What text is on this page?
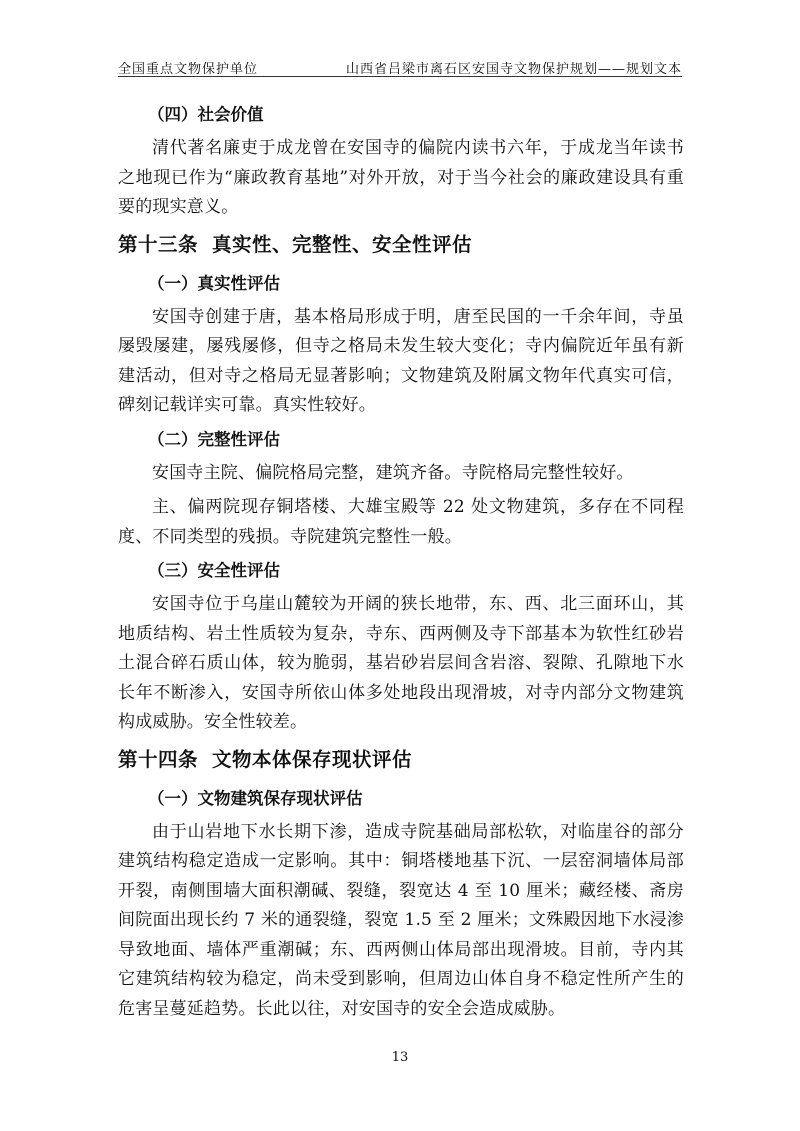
全国重点文物保护单位	山西省吕梁市离石区安国寺文物保护规划——规划文本

（四）社会价值

清代著名廉吏于成龙曾在安国寺的偏院内读书六年，于成龙当年读书之地现已作为“廉政教育基地”对外开放，对于当今社会的廉政建设具有重要的现实意义。

第十三条 真实性、完整性、安全性评估

（一）真实性评估

安国寺创建于唐，基本格局形成于明，唐至民国的一千余年间，寺虽屡毁屡建，屡残屡修，但寺之格局未发生较大变化；寺内偏院近年虽有新建活动，但对寺之格局无显著影响；文物建筑及附属文物年代真实可信，碑刻记载详实可靠。真实性较好。

（二）完整性评估

安国寺主院、偏院格局完整，建筑齐备。寺院格局完整性较好。

主、偏两院现存铜塔楼、大雄宝殿等 22 处文物建筑，多存在不同程度、不同类型的残损。寺院建筑完整性一般。

（三）安全性评估

安国寺位于乌崖山麓较为开阔的狭长地带，东、西、北三面环山，其地质结构、岩土性质较为复杂，寺东、西两侧及寺下部基本为软性红砂岩土混合碎石质山体，较为脆弱，基岩砂岩层间含岩溶、裂隙、孔隙地下水长年不断渗入，安国寺所依山体多处地段出现滑坡，对寺内部分文物建筑构成威胁。安全性较差。

第十四条 文物本体保存现状评估

（一）文物建筑保存现状评估

由于山岩地下水长期下渗，造成寺院基础局部松软，对临崖谷的部分建筑结构稳定造成一定影响。其中：铜塔楼地基下沉、一层窑洞墙体局部开裂，南侧围墙大面积潮碱、裂缝，裂宽达 4 至 10 厘米；藏经楼、斋房间院面出现长约 7 米的通裂缝，裂宽 1.5 至 2 厘米；文殊殿因地下水浸渗导致地面、墙体严重潮碱；东、西两侧山体局部出现滑坡。目前，寺内其它建筑结构较为稳定，尚未受到影响，但周边山体自身不稳定性所产生的危害呈蔓延趋势。长此以往，对安国寺的安全会造成威胁。

13
